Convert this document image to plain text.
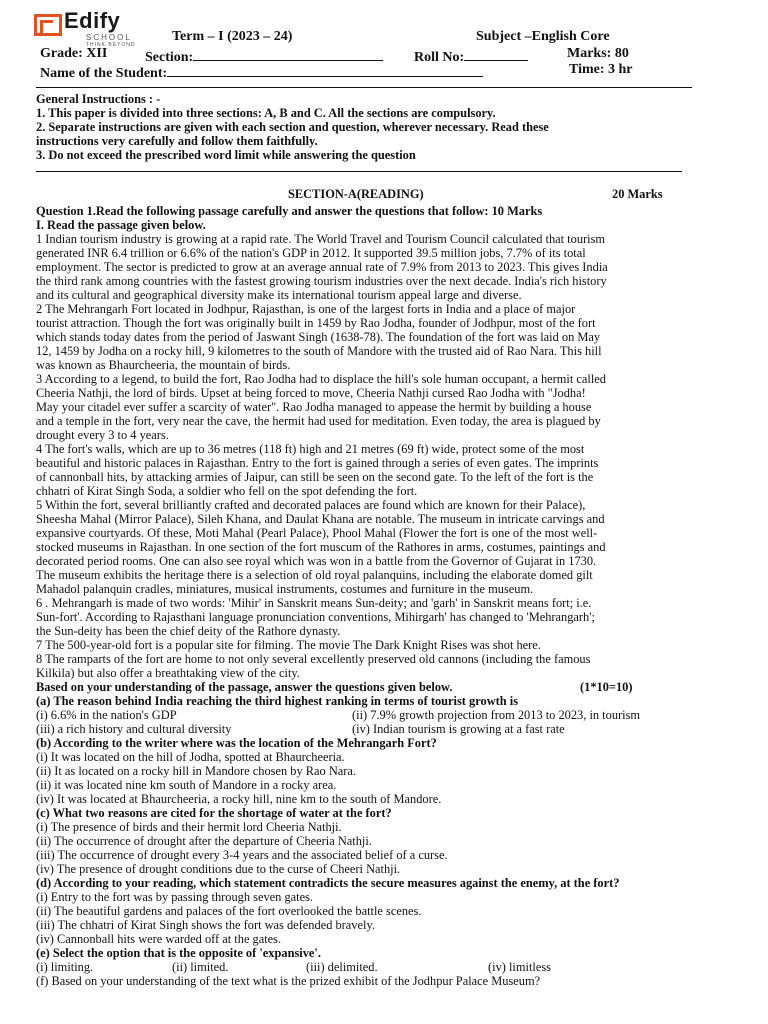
Edify
SCHOOL
THINK BEYOND
Term – I (2023 – 24)	Subject –English Core
Grade: XII	Section:	Roll No:	Marks: 80
Name of the Student:	Time: 3 hr
General Instructions : -
1. This paper is divided into three sections: A, B and C. All the sections are compulsory.
2. Separate instructions are given with each section and question, wherever necessary. Read these
instructions very carefully and follow them faithfully.
3. Do not exceed the prescribed word limit while answering the question
SECTION-A(READING)	20 Marks
Question 1.Read the following passage carefully and answer the questions that follow: 10 Marks
I. Read the passage given below.
1 Indian tourism industry is growing at a rapid rate. The World Travel and Tourism Council calculated that tourism
generated INR 6.4 trillion or 6.6% of the nation's GDP in 2012. It supported 39.5 million jobs, 7.7% of its total
employment. The sector is predicted to grow at an average annual rate of 7.9% from 2013 to 2023. This gives India
the third rank among countries with the fastest growing tourism industries over the next decade. India's rich history
and its cultural and geographical diversity make its international tourism appeal large and diverse.
2 The Mehrangarh Fort located in Jodhpur, Rajasthan, is one of the largest forts in India and a place of major
tourist attraction. Though the fort was originally built in 1459 by Rao Jodha, founder of Jodhpur, most of the fort
which stands today dates from the period of Jaswant Singh (1638-78). The foundation of the fort was laid on May
12, 1459 by Jodha on a rocky hill, 9 kilometres to the south of Mandore with the trusted aid of Rao Nara. This hill
was known as Bhaurcheeria, the mountain of birds.
3 According to a legend, to build the fort, Rao Jodha had to displace the hill's sole human occupant, a hermit called
Cheeria Nathji, the lord of birds. Upset at being forced to move, Cheeria Nathji cursed Rao Jodha with "Jodha!
May your citadel ever suffer a scarcity of water". Rao Jodha managed to appease the hermit by building a house
and a temple in the fort, very near the cave, the hermit had used for meditation. Even today, the area is plagued by
drought every 3 to 4 years.
4 The fort's walls, which are up to 36 metres (118 ft) high and 21 metres (69 ft) wide, protect some of the most
beautiful and historic palaces in Rajasthan. Entry to the fort is gained through a series of even gates. The imprints
of cannonball hits, by attacking armies of Jaipur, can still be seen on the second gate. To the left of the fort is the
chhatri of Kirat Singh Soda, a soldier who fell on the spot defending the fort.
5 Within the fort, several brilliantly crafted and decorated palaces are found which are known for their Palace),
Sheesha Mahal (Mirror Palace), Sileh Khana, and Daulat Khana are notable. The museum in intricate carvings and
expansive courtyards. Of these, Moti Mahal (Pearl Palace), Phool Mahal (Flower the fort is one of the most well-
stocked museums in Rajasthan. In one section of the fort muscum of the Rathores in arms, costumes, paintings and
decorated period rooms. One can also see royal which was won in a battle from the Governor of Gujarat in 1730.
The museum exhibits the heritage there is a selection of old royal palanquins, including the elaborate domed gilt
Mahadol palanquin cradles, miniatures, musical instruments, costumes and furniture in the museum.
6 . Mehrangarh is made of two words: 'Mihir' in Sanskrit means Sun-deity; and 'garh' in Sanskrit means fort; i.e.
Sun-fort'. According to Rajasthani language pronunciation conventions, Mihirgarh' has changed to 'Mehrangarh';
the Sun-deity has been the chief deity of the Rathore dynasty.
7 The 500-year-old fort is a popular site for filming. The movie The Dark Knight Rises was shot here.
8 The ramparts of the fort are home to not only several excellently preserved old cannons (including the famous
Kilkila) but also offer a breathtaking view of the city.
Based on your understanding of the passage, answer the questions given below.	(1*10=10)
(a) The reason behind India reaching the third highest ranking in terms of tourist growth is
(i) 6.6% in the nation's GDP	(ii) 7.9% growth projection from 2013 to 2023, in tourism
(iii) a rich history and cultural diversity	(iv) Indian tourism is growing at a fast rate
(b) According to the writer where was the location of the Mehrangarh Fort?
(i) It was located on the hill of Jodha, spotted at Bhaurcheeria.
(ii) It as located on a rocky hill in Mandore chosen by Rao Nara.
(ii) it was located nine km south of Mandore in a rocky area.
(iv) It was located at Bhaurcheeria, a rocky hill, nine km to the south of Mandore.
(c) What two reasons are cited for the shortage of water at the fort?
(i) The presence of birds and their hermit lord Cheeria Nathji.
(ii) The occurrence of drought after the departure of Cheeria Nathji.
(iii) The occurrence of drought every 3-4 years and the associated belief of a curse.
(iv) The presence of drought conditions due to the curse of Cheeri Nathji.
(d) According to your reading, which statement contradicts the secure measures against the enemy, at the fort?
(i) Entry to the fort was by passing through seven gates.
(ii) The beautiful gardens and palaces of the fort overlooked the battle scenes.
(iii) The chhatri of Kirat Singh shows the fort was defended bravely.
(iv) Cannonball hits were warded off at the gates.
(e) Select the option that is the opposite of 'expansive'.
(i) limiting.	(ii) limited.	(iii) delimited.	(iv) limitless
(f) Based on your understanding of the text what is the prized exhibit of the Jodhpur Palace Museum?
